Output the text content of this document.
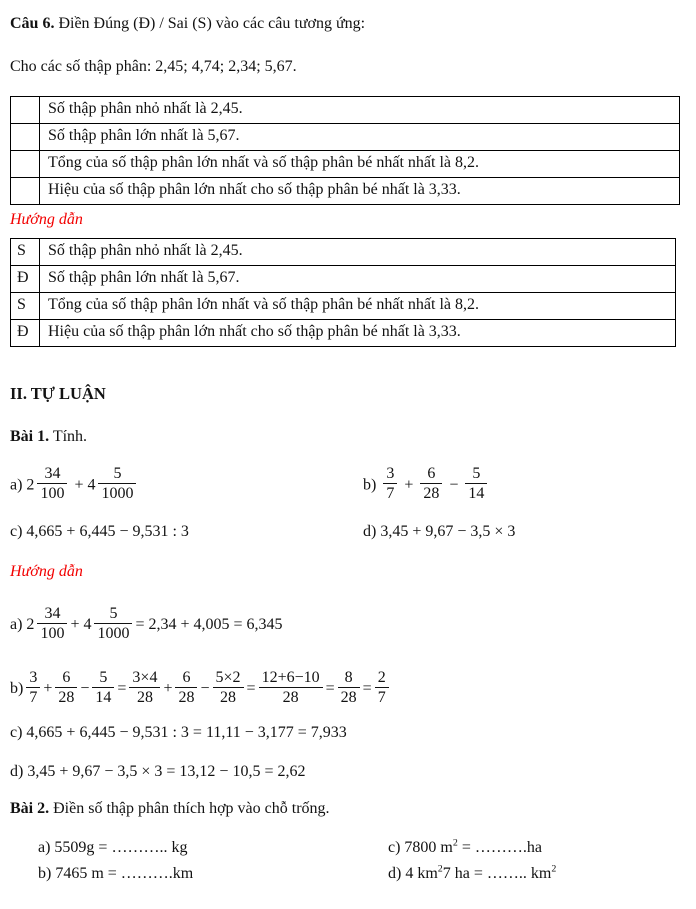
Câu 6. Điền Đúng (Đ) / Sai (S) vào các câu tương ứng:

Cho các số thập phân: 2,45; 4,74; 2,34; 5,67.

	Số thập phân nhỏ nhất là 2,45.
	Số thập phân lớn nhất là 5,67.
	Tổng của số thập phân lớn nhất và số thập phân bé nhất nhất là 8,2.
	Hiệu của số thập phân lớn nhất cho số thập phân bé nhất là 3,33.

Hướng dẫn

S	Số thập phân nhỏ nhất là 2,45.
Đ	Số thập phân lớn nhất là 5,67.
S	Tổng của số thập phân lớn nhất và số thập phân bé nhất nhất là 8,2.
Đ	Hiệu của số thập phân lớn nhất cho số thập phân bé nhất là 3,33.

II. TỰ LUẬN

Bài 1. Tính.

a) $2 \frac{34}{100} + 4 \frac{5}{1000}$	$b) \frac{3}{7} + \frac{6}{28} - \frac{5}{14}$
c) 4,665 + 6,445 − 9,531 : 3	d) 3,45 + 9,67 − 3,5 × 3

Hướng dẫn

a) $2 \frac{34}{100} + 4 \frac{5}{1000} = 2,34 + 4,005 = 6,345$
$b) \frac{3}{7} + \frac{6}{28} - \frac{5}{14} = \frac{3\times 4}{28} + \frac{6}{28} - \frac{5\times 2}{28} = \frac{12+6-10}{28} = \frac{8}{28} = \frac{2}{7}$
c) 4,665 + 6,445 − 9,531 : 3 = 11,11 − 3,177 = 7,933
d) 3,45 + 9,67 − 3,5 × 3 = 13,12 − 10,5 = 2,62

Bài 2. Điền số thập phân thích hợp vào chỗ trống.

a) 5509g = ……….. kg	c) 7800 $m^2$ = ……….ha
b) 7465 m = ……….km	d) 4 $km^27$ ha = …….. $km^2$
